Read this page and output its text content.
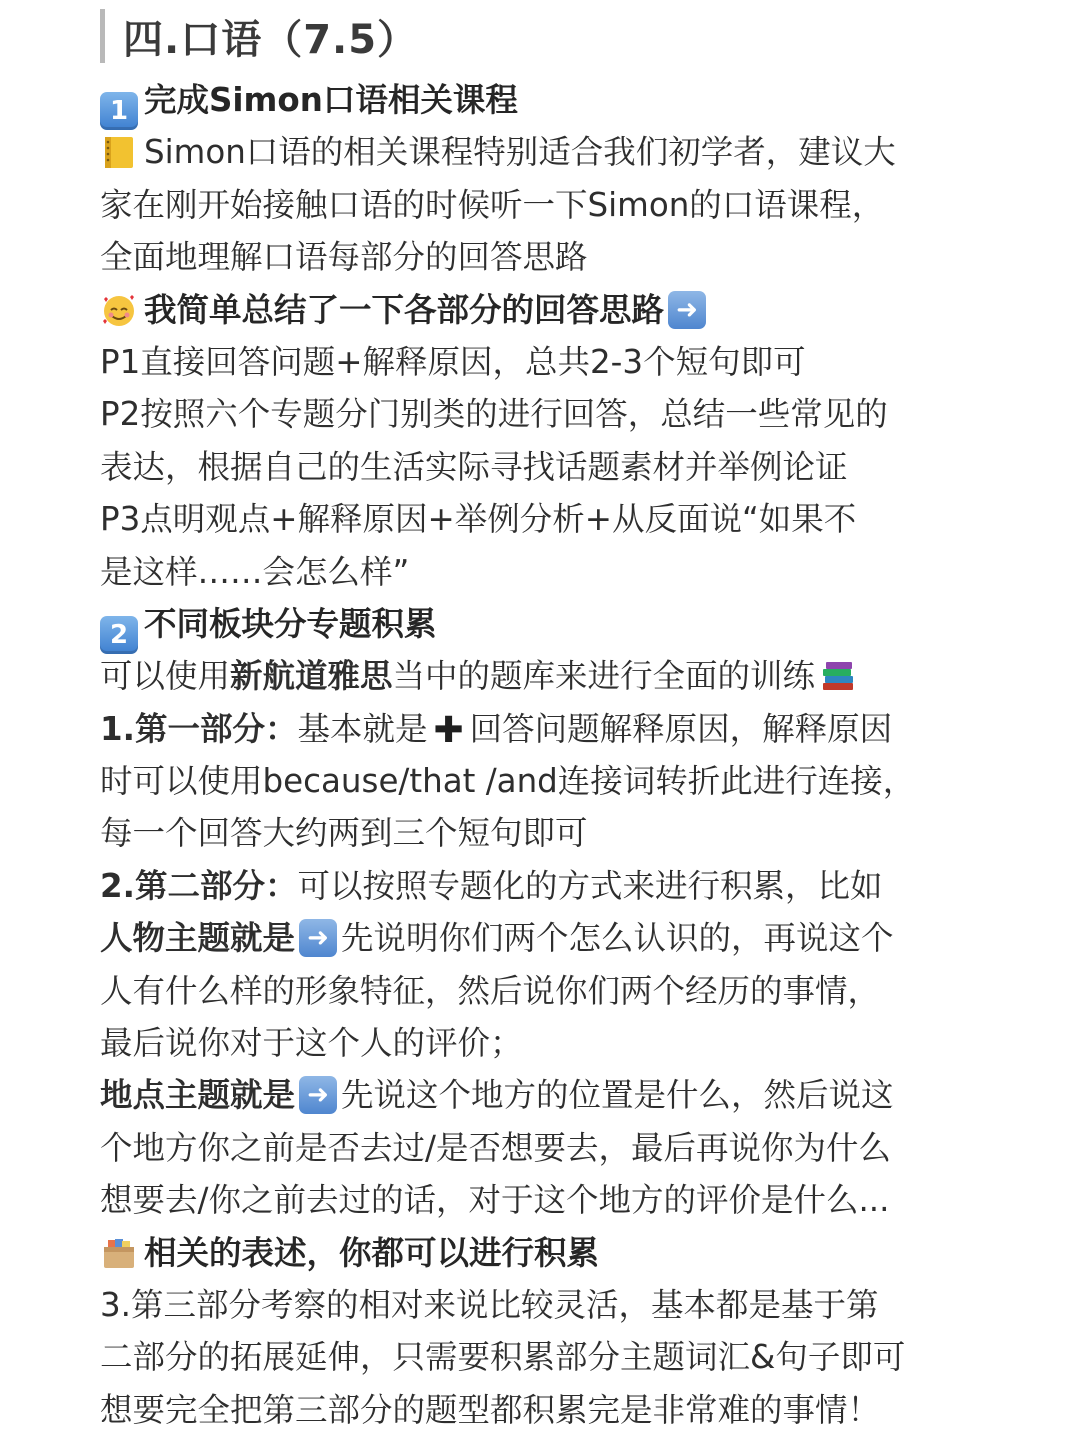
四.口语（7.5）
1 完成Simon口语相关课程
Simon口语的相关课程特别适合我们初学者，建议大
家在刚开始接触口语的时候听一下Simon的口语课程，
全面地理解口语每部分的回答思路
我简单总结了一下各部分的回答思路➜
P1直接回答问题+解释原因，总共2-3个短句即可
P2按照六个专题分门别类的进行回答，总结一些常见的
表达，根据自己的生活实际寻找话题素材并举例论证
P3点明观点+解释原因+举例分析+从反面说“如果不
是这样……会怎么样”
2 不同板块分专题积累
可以使用新航道雅思当中的题库来进行全面的训练
1.第一部分：基本就是 ✚ 回答问题解释原因，解释原因
时可以使用because/that /and连接词转折此进行连接，
每一个回答大约两到三个短句即可
2.第二部分：可以按照专题化的方式来进行积累，比如
人物主题就是 ➜ 先说明你们两个怎么认识的，再说这个
人有什么样的形象特征，然后说你们两个经历的事情，
最后说你对于这个人的评价；
地点主题就是 ➜ 先说这个地方的位置是什么，然后说这
个地方你之前是否去过/是否想要去，最后再说你为什么
想要去/你之前去过的话，对于这个地方的评价是什么...
相关的表述，你都可以进行积累
3.第三部分考察的相对来说比较灵活，基本都是基于第
二部分的拓展延伸，只需要积累部分主题词汇&句子即可
想要完全把第三部分的题型都积累完是非常难的事情！
